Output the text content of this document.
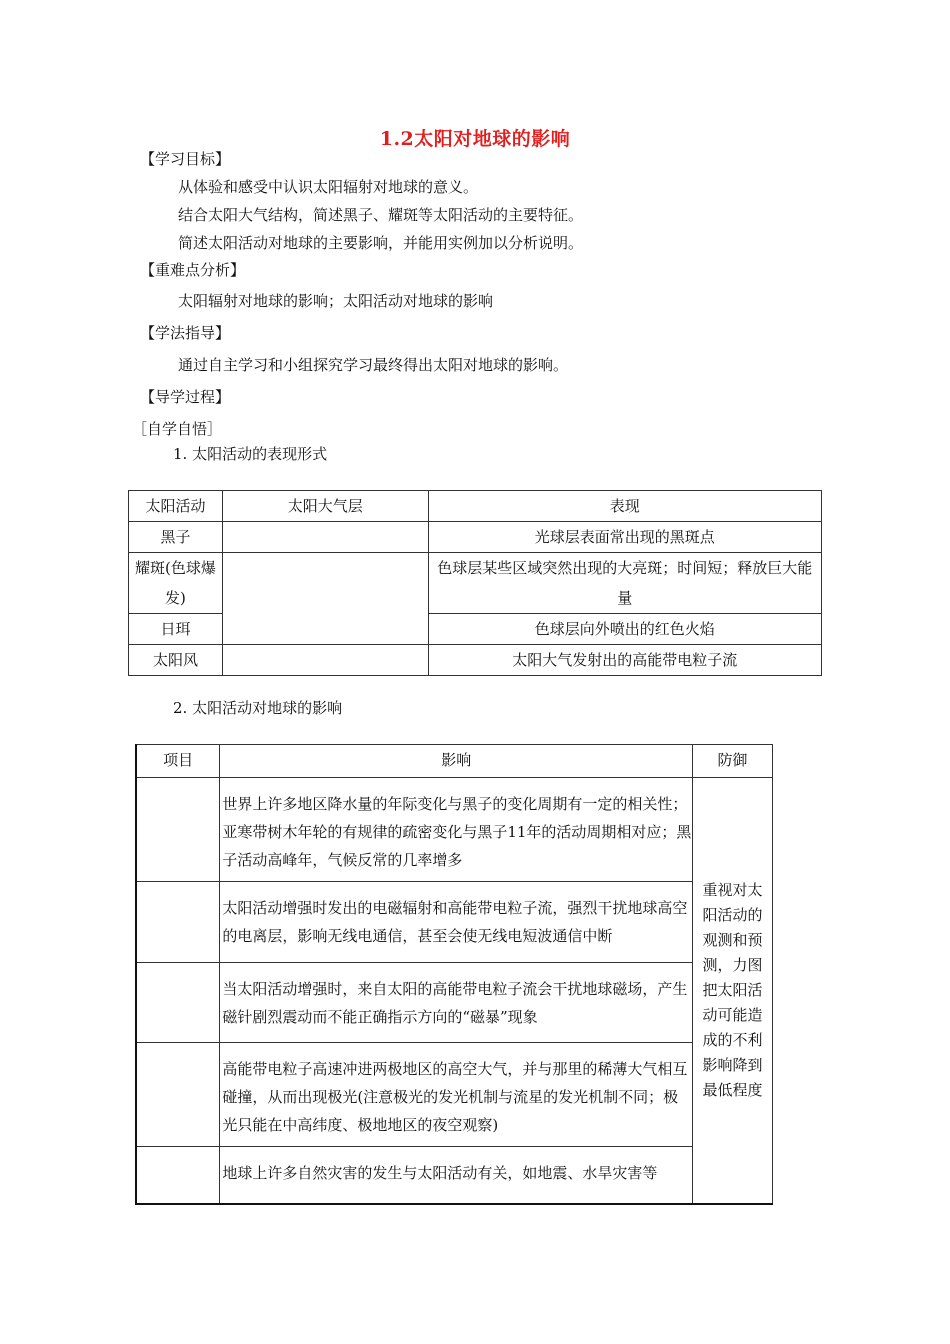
1.2太阳对地球的影响
【学习目标】
从体验和感受中认识太阳辐射对地球的意义。
结合太阳大气结构，简述黑子、耀斑等太阳活动的主要特征。
简述太阳活动对地球的主要影响，并能用实例加以分析说明。
【重难点分析】
太阳辐射对地球的影响；太阳活动对地球的影响
【学法指导】
通过自主学习和小组探究学习最终得出太阳对地球的影响。
【导学过程】
［自学自悟］
1. 太阳活动的表现形式
太阳活动	太阳大气层	表现
黑子		光球层表面常出现的黑斑点
耀斑(色球爆发)		色球层某些区域突然出现的大亮斑；时间短；释放巨大能量
日珥		色球层向外喷出的红色火焰
太阳风		太阳大气发射出的高能带电粒子流
2. 太阳活动对地球的影响
项目	影响	防御
	世界上许多地区降水量的年际变化与黑子的变化周期有一定的相关性；亚寒带树木年轮的有规律的疏密变化与黑子11年的活动周期相对应；黑子活动高峰年，气候反常的几率增多	重视对太阳活动的观测和预测，力图把太阳活动可能造成的不利影响降到最低程度
	太阳活动增强时发出的电磁辐射和高能带电粒子流，强烈干扰地球高空的电离层，影响无线电通信，甚至会使无线电短波通信中断	
	当太阳活动增强时，来自太阳的高能带电粒子流会干扰地球磁场，产生磁针剧烈震动而不能正确指示方向的“磁暴”现象	
	高能带电粒子高速冲进两极地区的高空大气，并与那里的稀薄大气相互碰撞，从而出现极光(注意极光的发光机制与流星的发光机制不同；极光只能在中高纬度、极地地区的夜空观察)	
	地球上许多自然灾害的发生与太阳活动有关，如地震、水旱灾害等	
